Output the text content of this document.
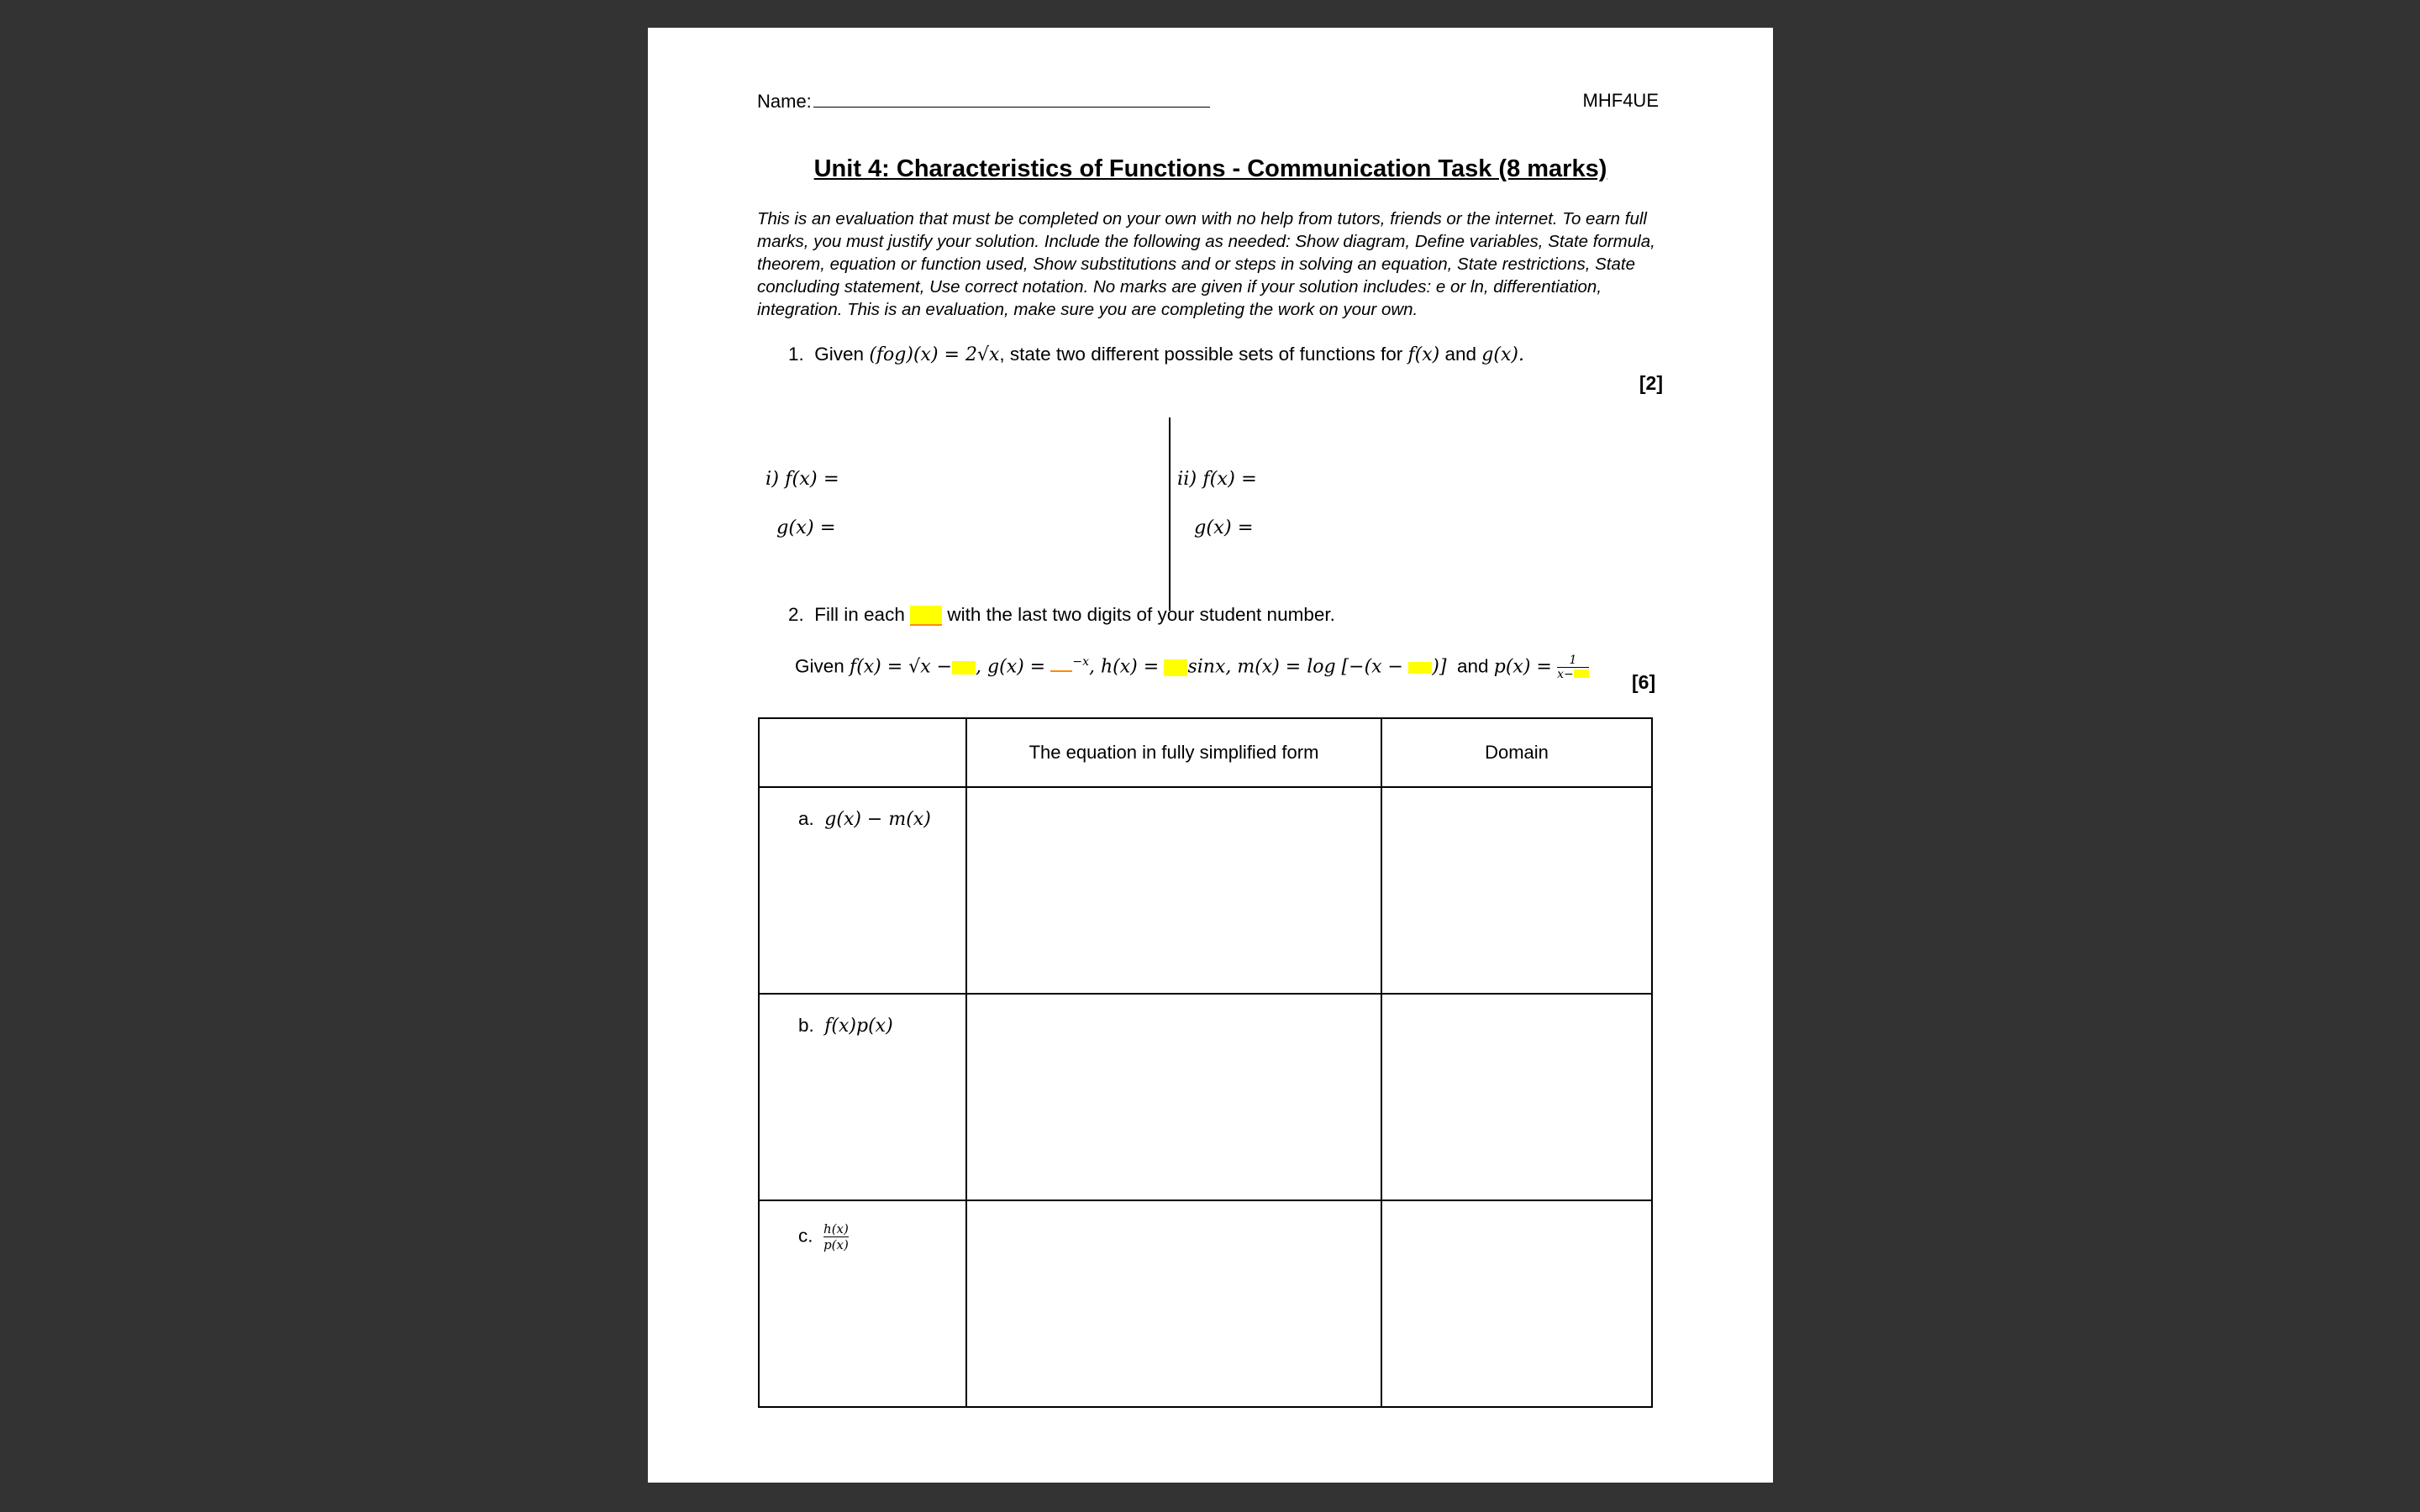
Name:	MHF4UE
Unit 4: Characteristics of Functions - Communication Task (8 marks)
This is an evaluation that must be completed on your own with no help from tutors, friends or the internet. To earn full marks, you must justify your solution. Include the following as needed: Show diagram, Define variables, State formula, theorem, equation or function used, Show substitutions and or steps in solving an equation, State restrictions, State concluding statement, Use correct notation. No marks are given if your solution includes: e or ln, differentiation, integration. This is an evaluation, make sure you are completing the work on your own.
1. Given (fog)(x) = 2√x, state two different possible sets of functions for f(x) and g(x).
[2]
i) f(x) =
g(x) =
ii) f(x) =
g(x) =
2. Fill in each with the last two digits of your student number.
Given f(x) = √x − , g(x) = $^{-x}$, h(x) = sinx, m(x) = log [−(x − )] and $p(x) = \frac{1}{x-}$
[6]
	The equation in fully simplified form	Domain

a. g(x) − m(x)		

b. f(x)p(x)		

c. $\frac{h(x)}{p(x)}$
